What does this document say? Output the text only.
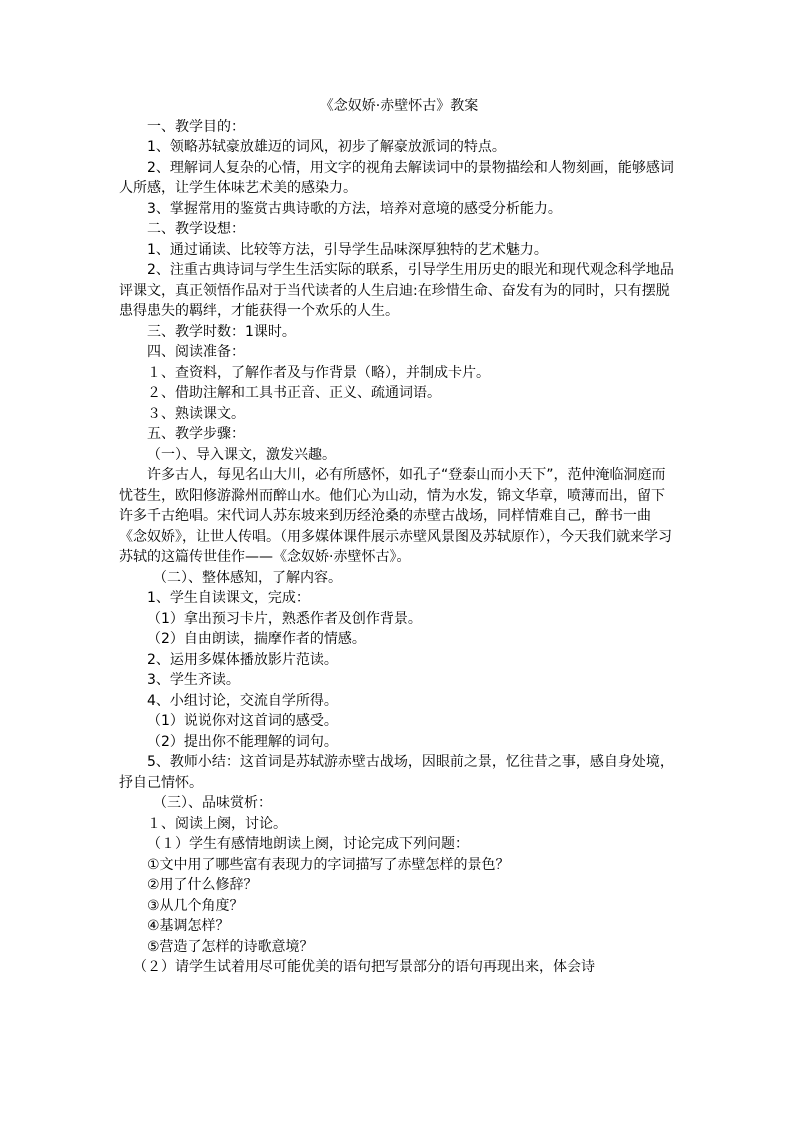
《念奴娇·赤壁怀古》教案

一、教学目的：

1、领略苏轼豪放雄迈的词风，初步了解豪放派词的特点。

2、理解词人复杂的心情，用文字的视角去解读词中的景物描绘和人物刻画，能够感词人所感，让学生体味艺术美的感染力。

3、掌握常用的鉴赏古典诗歌的方法，培养对意境的感受分析能力。

二、教学设想：

1、通过诵读、比较等方法，引导学生品味深厚独特的艺术魅力。

2、注重古典诗词与学生生活实际的联系，引导学生用历史的眼光和现代观念科学地品评课文，真正领悟作品对于当代读者的人生启迪:在珍惜生命、奋发有为的同时，只有摆脱患得患失的羁绊，才能获得一个欢乐的人生。

三、教学时数：1课时。

四、阅读准备：

１、查资料，了解作者及与作背景（略），并制成卡片。

２、借助注解和工具书正音、正义、疏通词语。

３、熟读课文。

五、教学步骤：

（一）、导入课文，激发兴趣。

许多古人，每见名山大川，必有所感怀，如孔子“登泰山而小天下”，范仲淹临洞庭而忧苍生，欧阳修游滁州而醉山水。他们心为山动，情为水发，锦文华章，喷薄而出，留下许多千古绝唱。宋代词人苏东坡来到历经沧桑的赤壁古战场，同样情难自己，醉书一曲《念奴娇》，让世人传唱。（用多媒体课件展示赤壁风景图及苏轼原作），今天我们就来学习苏轼的这篇传世佳作——《念奴娇·赤壁怀古》。

（二）、整体感知，了解内容。

1、学生自读课文，完成：

（1）拿出预习卡片，熟悉作者及创作背景。

（2）自由朗读，揣摩作者的情感。

2、运用多媒体播放影片范读。

3、学生齐读。

4、小组讨论，交流自学所得。

（1）说说你对这首词的感受。

（2）提出你不能理解的词句。

5、教师小结：这首词是苏轼游赤壁古战场，因眼前之景，忆往昔之事，感自身处境，抒自己情怀。

（三）、品味赏析：

１、阅读上阕，讨论。

（１）学生有感情地朗读上阕，讨论完成下列问题：

①文中用了哪些富有表现力的字词描写了赤壁怎样的景色？

②用了什么修辞？

③从几个角度？

④基调怎样？

⑤营造了怎样的诗歌意境？

（２）请学生试着用尽可能优美的语句把写景部分的语句再现出来，体会诗
